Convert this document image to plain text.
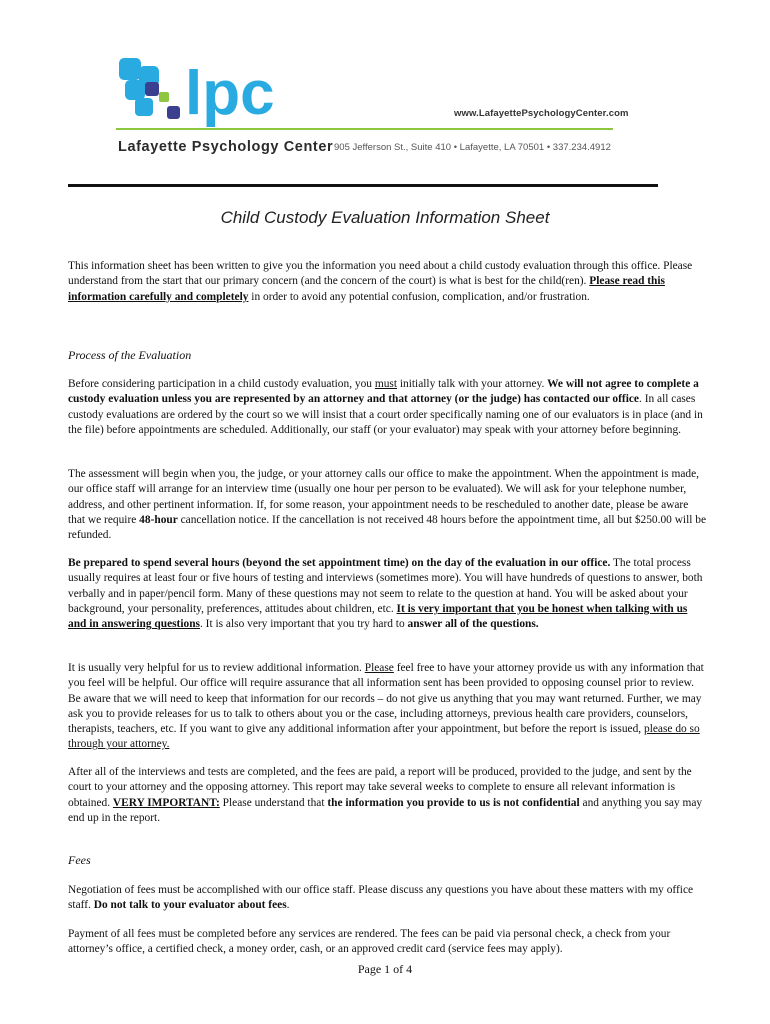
lpc	www.LafayettePsychologyCenter.com
Lafayette Psychology Center 905 Jefferson St., Suite 410 • Lafayette, LA 70501 • 337.234.4912
Child Custody Evaluation Information Sheet

This information sheet has been written to give you the information you need about a child custody evaluation through this office. Please understand from the start that our primary concern (and the concern of the court) is what is best for the child(ren). Please read this information carefully and completely in order to avoid any potential confusion, complication, and/or frustration.

Process of the Evaluation

Before considering participation in a child custody evaluation, you must initially talk with your attorney. We will not agree to complete a custody evaluation unless you are represented by an attorney and that attorney (or the judge) has contacted our office. In all cases custody evaluations are ordered by the court so we will insist that a court order specifically naming one of our evaluators is in place (and in the file) before appointments are scheduled. Additionally, our staff (or your evaluator) may speak with your attorney before beginning.

The assessment will begin when you, the judge, or your attorney calls our office to make the appointment. When the appointment is made, our office staff will arrange for an interview time (usually one hour per person to be evaluated). We will ask for your telephone number, address, and other pertinent information. If, for some reason, your appointment needs to be rescheduled to another date, please be aware that we require 48-hour cancellation notice. If the cancellation is not received 48 hours before the appointment time, all but $250.00 will be refunded.

Be prepared to spend several hours (beyond the set appointment time) on the day of the evaluation in our office. The total process usually requires at least four or five hours of testing and interviews (sometimes more). You will have hundreds of questions to answer, both verbally and in paper/pencil form. Many of these questions may not seem to relate to the question at hand. You will be asked about your background, your personality, preferences, attitudes about children, etc. It is very important that you be honest when talking with us and in answering questions. It is also very important that you try hard to answer all of the questions.

It is usually very helpful for us to review additional information. Please feel free to have your attorney provide us with any information that you feel will be helpful. Our office will require assurance that all information sent has been provided to opposing counsel prior to review. Be aware that we will need to keep that information for our records – do not give us anything that you may want returned. Further, we may ask you to provide releases for us to talk to others about you or the case, including attorneys, previous health care providers, counselors, therapists, teachers, etc. If you want to give any additional information after your appointment, but before the report is issued, please do so through your attorney.

After all of the interviews and tests are completed, and the fees are paid, a report will be produced, provided to the judge, and sent by the court to your attorney and the opposing attorney. This report may take several weeks to complete to ensure all relevant information is obtained. VERY IMPORTANT: Please understand that the information you provide to us is not confidential and anything you say may end up in the report.

Fees

Negotiation of fees must be accomplished with our office staff. Please discuss any questions you have about these matters with my office staff. Do not talk to your evaluator about fees.

Payment of all fees must be completed before any services are rendered. The fees can be paid via personal check, a check from your attorney’s office, a certified check, a money order, cash, or an approved credit card (service fees may apply).

Page 1 of 4
